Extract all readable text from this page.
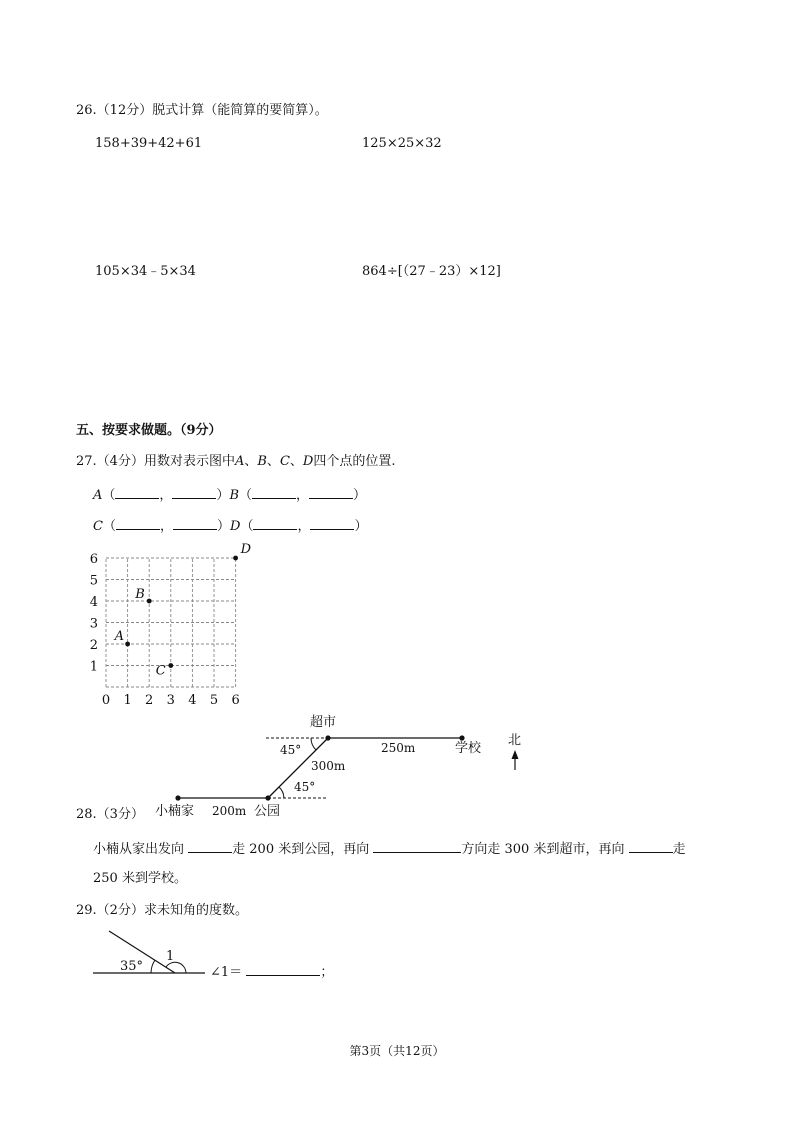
26.（12分）脱式计算（能简算的要简算）。
158+39+42+61	125×25×32
105×34﹣5×34	864÷[（27﹣23）×12]
五、按要求做题。（9分）
27.（4分）用数对表示图中A、B、C、D四个点的位置.
A（	，	）B（	，	）
C（	，	）D（	，	）
0 1 2 3 4 5 6
1
2
3
4
5
6
A
B
C
D
超市
学校
北
45°
45°
300m
250m
200m
小楠家	公园
28.（3分）
小楠从家出发向	走 200 米到公园，再向	方向走 300 米到超市，再向	走
250 米到学校。
29.（2分）求未知角的度数。
35°
1
∠1＝	；
第3页（共12页）
